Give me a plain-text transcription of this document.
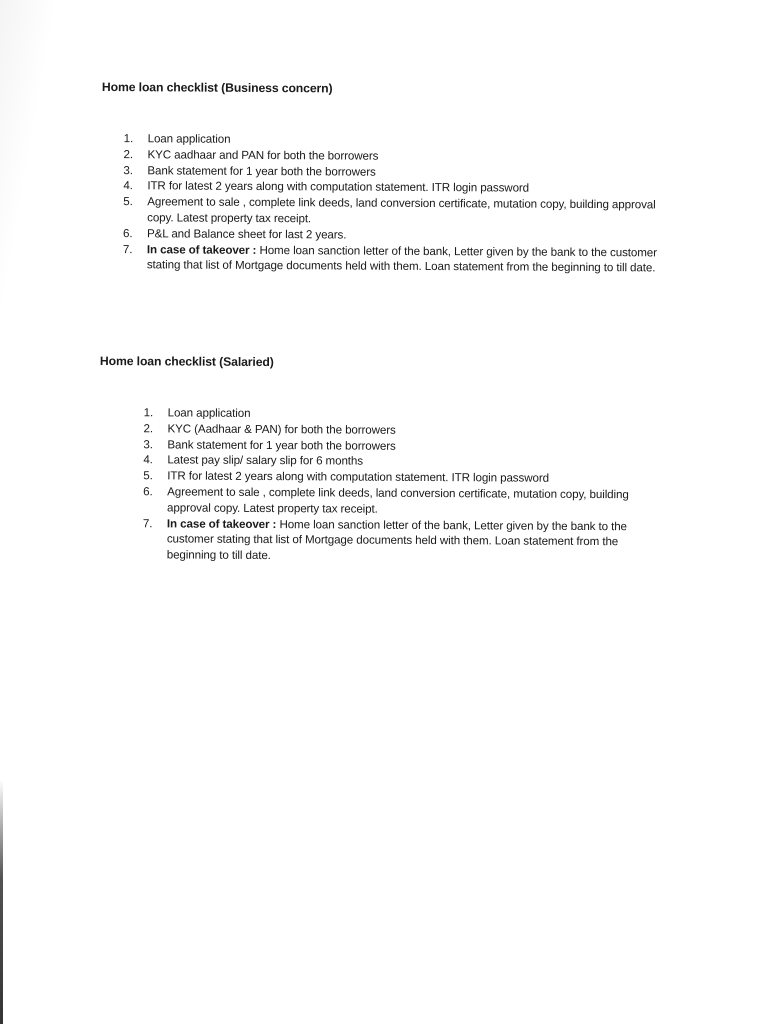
Home loan checklist (Business concern)
1.	Loan application
2.	KYC aadhaar and PAN for both the borrowers
3.	Bank statement for 1 year both the borrowers
4.	ITR for latest 2 years along with computation statement. ITR login password
5.	Agreement to sale , complete link deeds, land conversion certificate, mutation copy, building approval copy. Latest property tax receipt.
6.	P&L and Balance sheet for last 2 years.
7.	In case of takeover : Home loan sanction letter of the bank, Letter given by the bank to the customer stating that list of Mortgage documents held with them. Loan statement from the beginning to till date.
Home loan checklist (Salaried)
1.	Loan application
2.	KYC (Aadhaar & PAN) for both the borrowers
3.	Bank statement for 1 year both the borrowers
4.	Latest pay slip/ salary slip for 6 months
5.	ITR for latest 2 years along with computation statement. ITR login password
6.	Agreement to sale , complete link deeds, land conversion certificate, mutation copy, building approval copy. Latest property tax receipt.
7.	In case of takeover : Home loan sanction letter of the bank, Letter given by the bank to the customer stating that list of Mortgage documents held with them. Loan statement from the beginning to till date.
